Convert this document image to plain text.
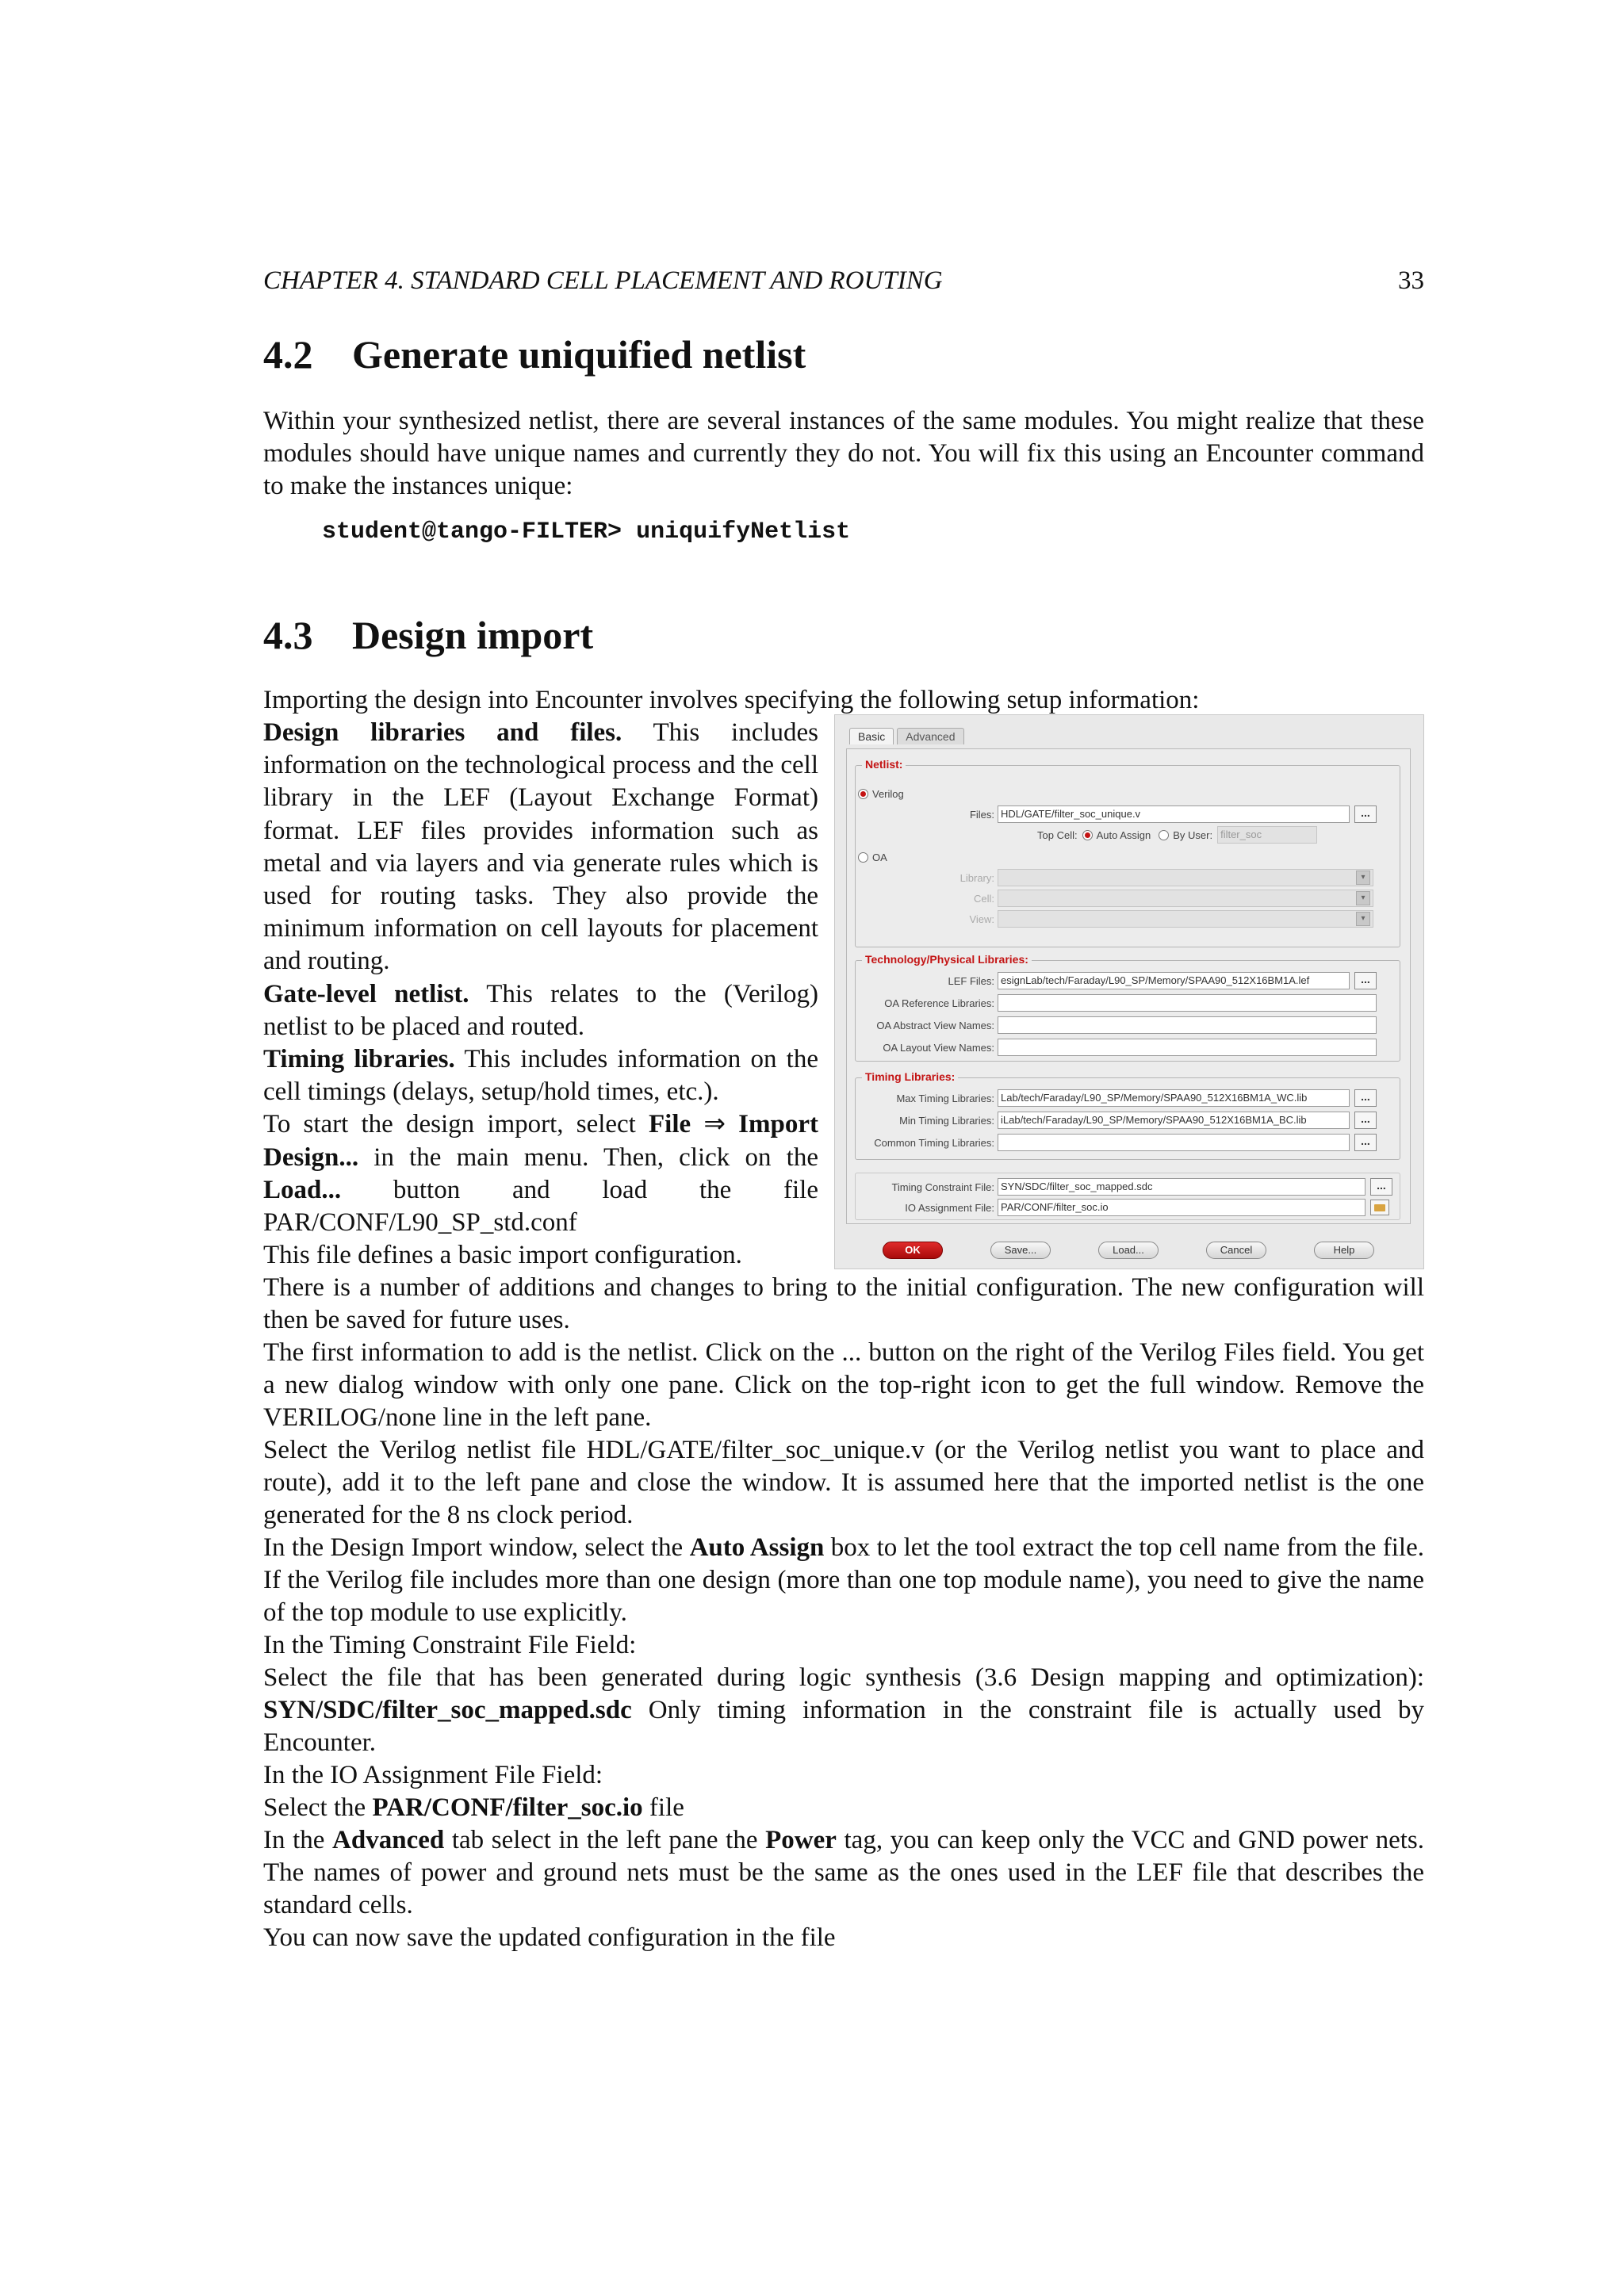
CHAPTER 4. STANDARD CELL PLACEMENT AND ROUTING	33
4.2 Generate uniquified netlist

Within your synthesized netlist, there are several instances of the same modules. You might realize that these modules should have unique names and currently they do not. You will fix this using an Encounter command to make the instances unique:

student@tango-FILTER> uniquifyNetlist
4.3 Design import

Importing the design into Encounter involves specifying the following setup information:

Design libraries and files. This includes information on the technological process and the cell library in the LEF (Layout Exchange Format) format. LEF files provides information such as metal and via layers and via generate rules which is used for routing tasks. They also provide the minimum information on cell layouts for placement and routing.

Gate-level netlist. This relates to the (Verilog) netlist to be placed and routed.

Timing libraries. This includes information on the cell timings (delays, setup/hold times, etc.).

To start the design import, select File ⇒ Import Design... in the main menu. Then, click on the Load... button and load the file PAR/CONF/L90_SP_std.conf

This file defines a basic import configuration.

There is a number of additions and changes to bring to the initial configuration. The new configuration will then be saved for future uses.

The first information to add is the netlist. Click on the ... button on the right of the Verilog Files field. You get a new dialog window with only one pane. Click on the top-right icon to get the full window. Remove the VERILOG/none line in the left pane.

Select the Verilog netlist file HDL/GATE/filter_soc_unique.v (or the Verilog netlist you want to place and route), add it to the left pane and close the window. It is assumed here that the imported netlist is the one generated for the 8 ns clock period.

In the Design Import window, select the Auto Assign box to let the tool extract the top cell name from the file. If the Verilog file includes more than one design (more than one top module name), you need to give the name of the top module to use explicitly.

In the Timing Constraint File Field:

Select the file that has been generated during logic synthesis (3.6 Design mapping and optimization): SYN/SDC/filter_soc_mapped.sdc Only timing information in the constraint file is actually used by Encounter.

In the IO Assignment File Field:

Select the PAR/CONF/filter_soc.io file

In the Advanced tab select in the left pane the Power tag, you can keep only the VCC and GND power nets. The names of power and ground nets must be the same as the ones used in the LEF file that describes the standard cells.

You can now save the updated configuration in the file

Basic	Advanced
Netlist:
Verilog
Files: HDL/GATE/filter_soc_unique.v	...
Top Cell: Auto Assign By User: filter_soc
OA
Library:	▾
Cell:	▾
View:	▾
Technology/Physical Libraries:
LEF Files: esignLab/tech/Faraday/L90_SP/Memory/SPAA90_512X16BM1A.lef	...
OA Reference Libraries:
OA Abstract View Names:
OA Layout View Names:
Timing Libraries:
Max Timing Libraries: Lab/tech/Faraday/L90_SP/Memory/SPAA90_512X16BM1A_WC.lib	...
Min Timing Libraries: iLab/tech/Faraday/L90_SP/Memory/SPAA90_512X16BM1A_BC.lib	...
Common Timing Libraries:	...
Timing Constraint File: SYN/SDC/filter_soc_mapped.sdc	...
IO Assignment File: PAR/CONF/filter_soc.io
OK	Save...	Load...	Cancel	Help
